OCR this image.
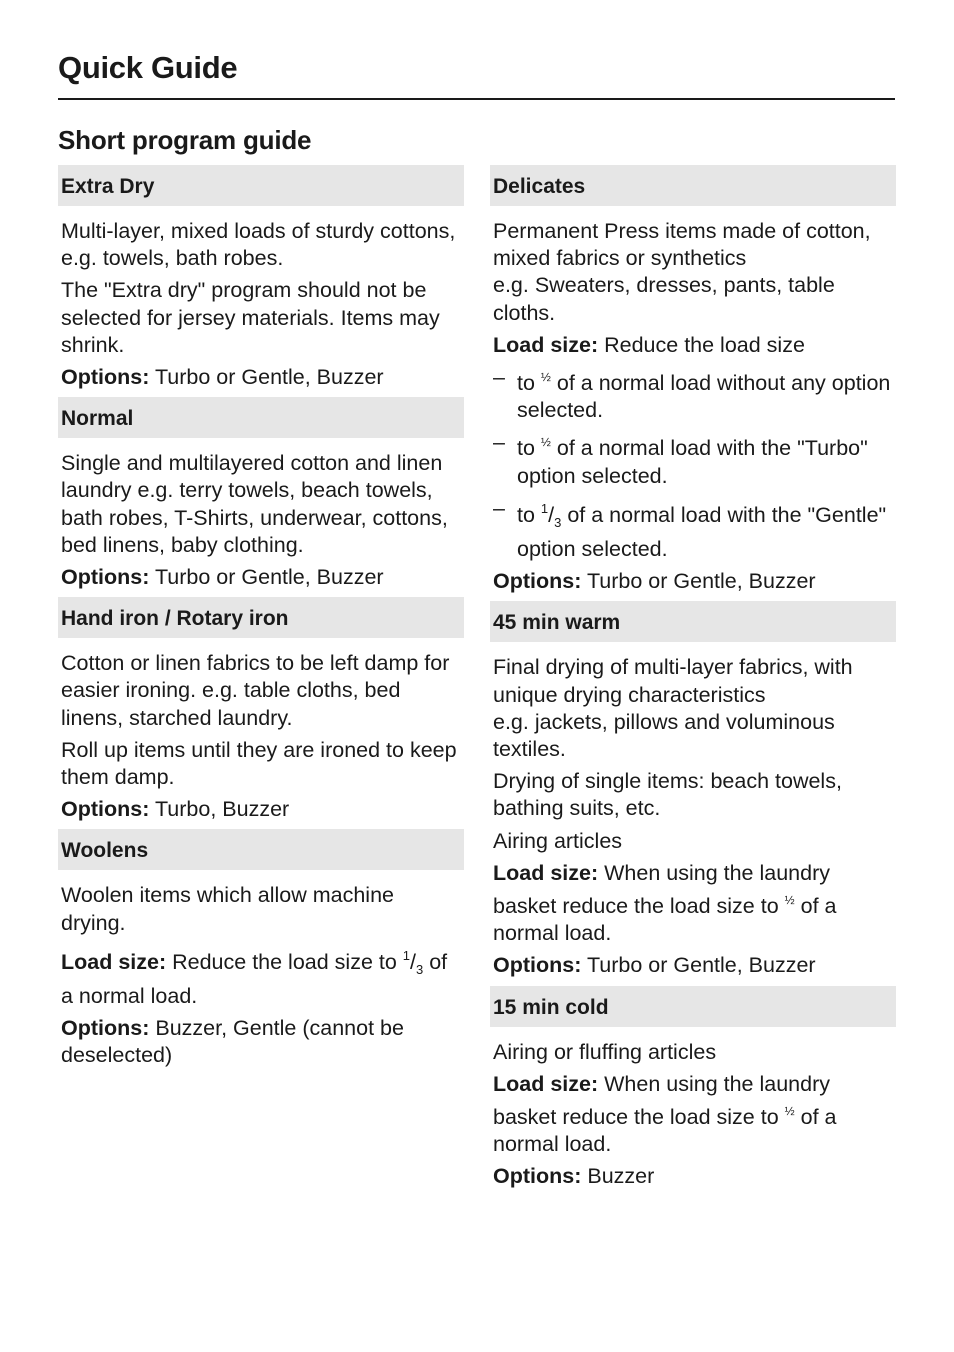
Quick Guide
Short program guide
Extra Dry

Multi-layer, mixed loads of sturdy cottons, e.g. towels, bath robes.

The "Extra dry" program should not be selected for jersey materials. Items may shrink.

Options: Turbo or Gentle, Buzzer

Normal

Single and multilayered cotton and linen laundry e.g. terry towels, beach towels, bath robes, T-Shirts, underwear, cottons, bed linens, baby clothing.

Options: Turbo or Gentle, Buzzer

Hand iron / Rotary iron

Cotton or linen fabrics to be left damp for easier ironing. e.g. table cloths, bed linens, starched laundry.

Roll up items until they are ironed to keep them damp.

Options: Turbo, Buzzer

Woolens

Woolen items which allow machine drying.

Load size: Reduce the load size to $^1/_3$ of a normal load.

Options: Buzzer, Gentle (cannot be deselected)

Delicates

Permanent Press items made of cotton, mixed fabrics or synthetics

e.g. Sweaters, dresses, pants, table cloths.

Load size: Reduce the load size

– to $^{\frac{1}{2}}$ of a normal load without any option selected.

– to $^{\frac{1}{2}}$ of a normal load with the "Turbo" option selected.

– to $^1/_3$ of a normal load with the "Gentle" option selected.

Options: Turbo or Gentle, Buzzer

45 min warm

Final drying of multi-layer fabrics, with unique drying characteristics

e.g. jackets, pillows and voluminous textiles.

Drying of single items: beach towels, bathing suits, etc.

Airing articles

Load size: When using the laundry basket reduce the load size to $^{\frac{1}{2}}$ of a normal load.

Options: Turbo or Gentle, Buzzer

15 min cold

Airing or fluffing articles

Load size: When using the laundry basket reduce the load size to $^{\frac{1}{2}}$ of a normal load.

Options: Buzzer
